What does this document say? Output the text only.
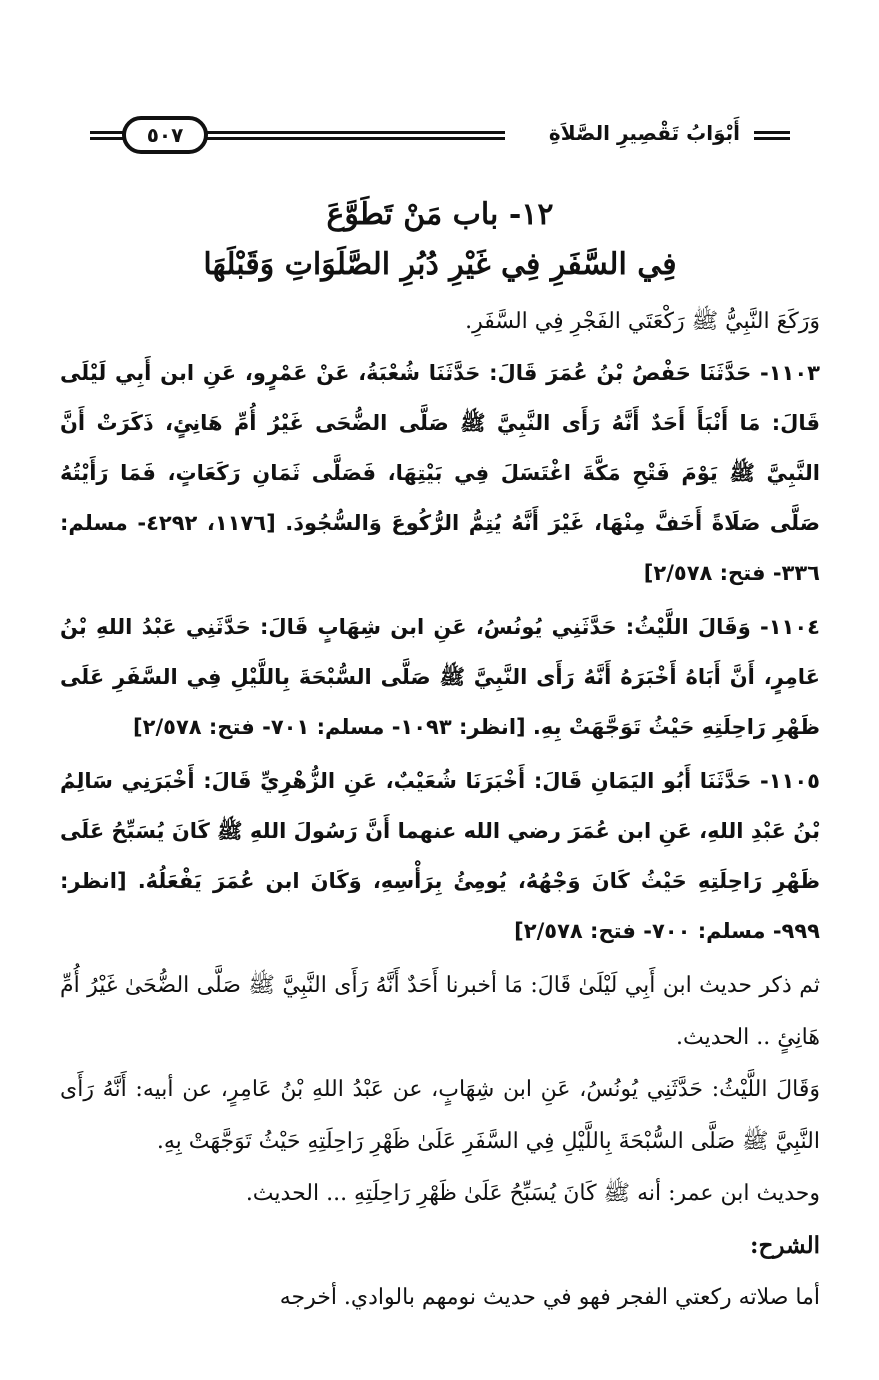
٥٠٧	أَبْوَابُ تَقْصِيرِ الصَّلاَةِ

١٢- باب مَنْ تَطَوَّعَ

فِي السَّفَرِ فِي غَيْرِ دُبُرِ الصَّلَوَاتِ وَقَبْلَهَا

وَرَكَعَ النَّبِيُّ ﷺ رَكْعَتَي الفَجْرِ فِي السَّفَرِ.

١١٠٣- حَدَّثَنَا حَفْصُ بْنُ عُمَرَ قَالَ: حَدَّثَنَا شُعْبَةُ، عَنْ عَمْرٍو، عَنِ ابن أَبِي لَيْلَى قَالَ: مَا أَنْبَأَ أَحَدٌ أَنَّهُ رَأَى النَّبِيَّ ﷺ صَلَّى الضُّحَى غَيْرُ أُمِّ هَانِئٍ، ذَكَرَتْ أَنَّ النَّبِيَّ ﷺ يَوْمَ فَتْحِ مَكَّةَ اغْتَسَلَ فِي بَيْتِهَا، فَصَلَّى ثَمَانِ رَكَعَاتٍ، فَمَا رَأَيْتُهُ صَلَّى صَلَاةً أَخَفَّ مِنْهَا، غَيْرَ أَنَّهُ يُتِمُّ الرُّكُوعَ وَالسُّجُودَ. [١١٧٦، ٤٢٩٢- مسلم: ٣٣٦- فتح: ٢/٥٧٨]

١١٠٤- وَقَالَ اللَّيْثُ: حَدَّثَنِي يُونُسُ، عَنِ ابن شِهَابٍ قَالَ: حَدَّثَنِي عَبْدُ اللهِ بْنُ عَامِرٍ، أَنَّ أَبَاهُ أَخْبَرَهُ أَنَّهُ رَأَى النَّبِيَّ ﷺ صَلَّى السُّبْحَةَ بِاللَّيْلِ فِي السَّفَرِ عَلَى ظَهْرِ رَاحِلَتِهِ حَيْثُ تَوَجَّهَتْ بِهِ. [انظر: ١٠٩٣- مسلم: ٧٠١- فتح: ٢/٥٧٨]

١١٠٥- حَدَّثَنَا أَبُو اليَمَانِ قَالَ: أَخْبَرَنَا شُعَيْبٌ، عَنِ الزُّهْرِيِّ قَالَ: أَخْبَرَنِي سَالِمُ بْنُ عَبْدِ اللهِ، عَنِ ابن عُمَرَ رضي الله عنهما أَنَّ رَسُولَ اللهِ ﷺ كَانَ يُسَبِّحُ عَلَى ظَهْرِ رَاحِلَتِهِ حَيْثُ كَانَ وَجْهُهُ، يُومِئُ بِرَأْسِهِ، وَكَانَ ابن عُمَرَ يَفْعَلُهُ. [انظر: ٩٩٩- مسلم: ٧٠٠- فتح: ٢/٥٧٨]

ثم ذكر حديث ابن أَبِي لَيْلَىٰ قَالَ: مَا أخبرنا أَحَدٌ أَنَّهُ رَأَى النَّبِيَّ ﷺ صَلَّى الضُّحَىٰ غَيْرُ أُمِّ هَانِئٍ .. الحديث.

وَقَالَ اللَّيْثُ: حَدَّثَنِي يُونُسُ، عَنِ ابن شِهَابٍ، عن عَبْدُ اللهِ بْنُ عَامِرٍ، عن أبيه: أَنَّهُ رَأَى النَّبِيَّ ﷺ صَلَّى السُّبْحَةَ بِاللَّيْلِ فِي السَّفَرِ عَلَىٰ ظَهْرِ رَاحِلَتِهِ حَيْثُ تَوَجَّهَتْ بِهِ.

وحديث ابن عمر: أنه ﷺ كَانَ يُسَبِّحُ عَلَىٰ ظَهْرِ رَاحِلَتِهِ ... الحديث.

الشرح:

أما صلاته ركعتي الفجر فهو في حديث نومهم بالوادي. أخرجه
